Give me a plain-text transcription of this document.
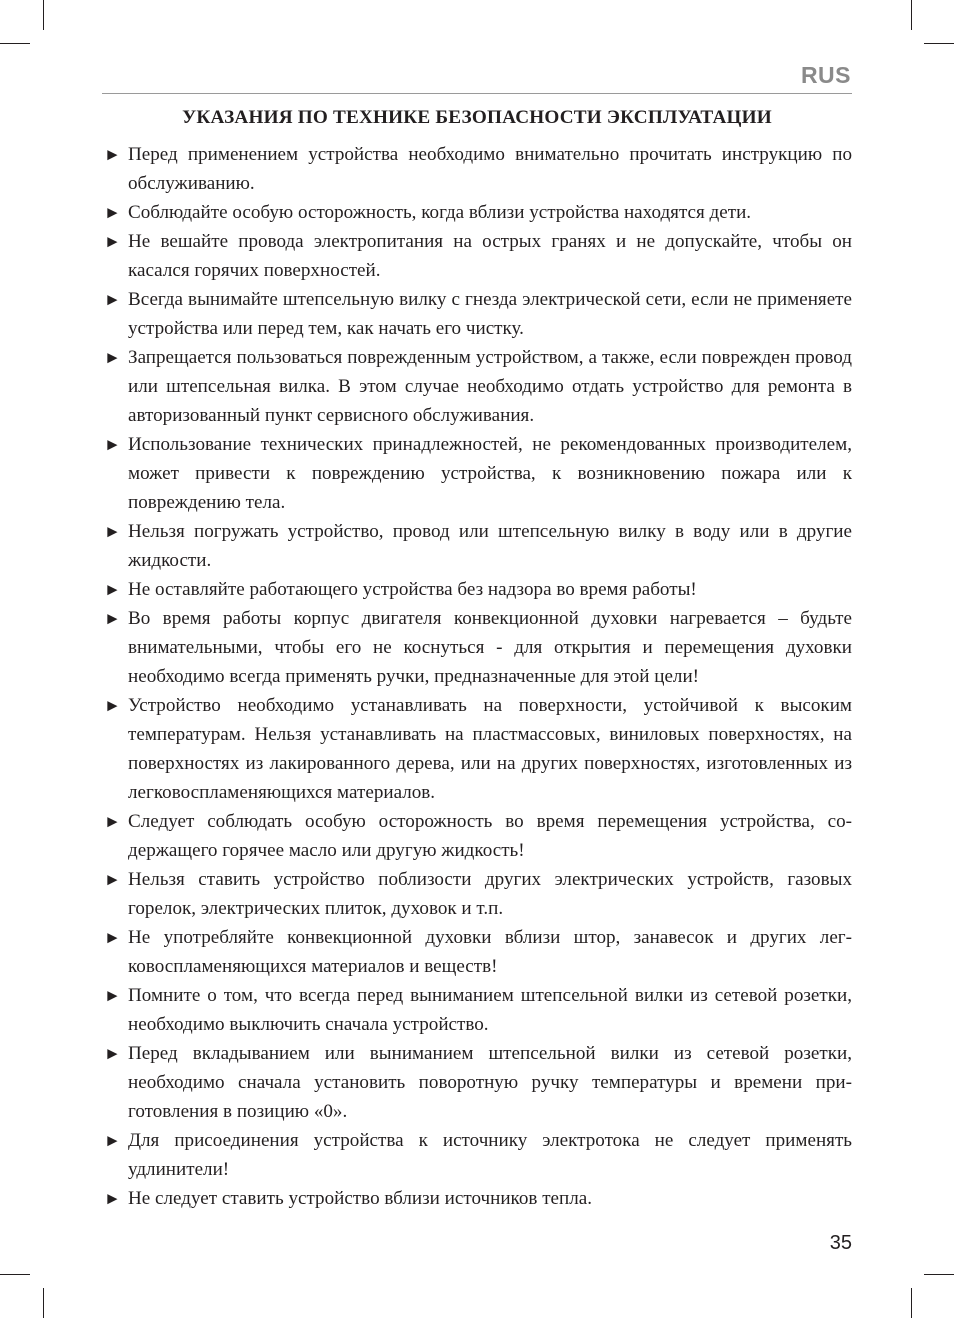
RUS
УКАЗАНИЯ ПО ТЕХНИКЕ БЕЗОПАСНОСТИ ЭКСПЛУАТАЦИИ
► Перед применением устройства необходимо внимательно прочитать инструкцию по обслуживанию.
► Соблюдайте особую осторожность, когда вблизи устройства находятся дети.
► Не вешайте провода электропитания на острых гранях и не допускайте, чтобы он касался горячих поверхностей.
► Всегда вынимайте штепсельную вилку с гнезда электрической сети, если не применяете устройства или перед тем, как начать его чистку.
► Запрещается пользоваться поврежденным устройством, а также, если поврежден провод или штепсельная вилка. В этом случае необходимо отдать устройство для ремонта в авторизованный пункт сервисного обслуживания.
► Использование технических принадлежностей, не рекомендованных производителем, может привести к повреждению устройства, к возникновению пожара или к повреждению тела.
► Нельзя погружать устройство, провод или штепсельную вилку в воду или в другие жидкости.
► Не оставляйте работающего устройства без надзора во время работы!
► Во время работы корпус двигателя конвекционной духовки нагревается – будьте внимательными, чтобы его не коснуться - для открытия и перемещения духовки необходимо всегда применять ручки, предназначенные для этой цели!
► Устройство необходимо устанавливать на поверхности, устойчивой к высоким температурам. Нельзя устанавливать на пластмассовых, виниловых поверхностях, на поверхностях из лакированного дерева, или на других поверхностях, изготовленных из легковоспламеняющихся материалов.
► Следует соблюдать особую осторожность во время перемещения устройства, содержащего горячее масло или другую жидкость!
► Нельзя ставить устройство поблизости других электрических устройств, газовых горелок, электрических плиток, духовок и т.п.
► Не употребляйте конвекционной духовки вблизи штор, занавесок и других легковоспламеняющихся материалов и веществ!
► Помните о том, что всегда перед выниманием штепсельной вилки из сетевой розетки, необходимо выключить сначала устройство.
► Перед вкладыванием или выниманием штепсельной вилки из сетевой розетки, необходимо сначала установить поворотную ручку температуры и времени приготовления в позицию «0».
► Для присоединения устройства к источнику электротока не следует применять удлинители!
► Не следует ставить устройство вблизи источников тепла.
35
